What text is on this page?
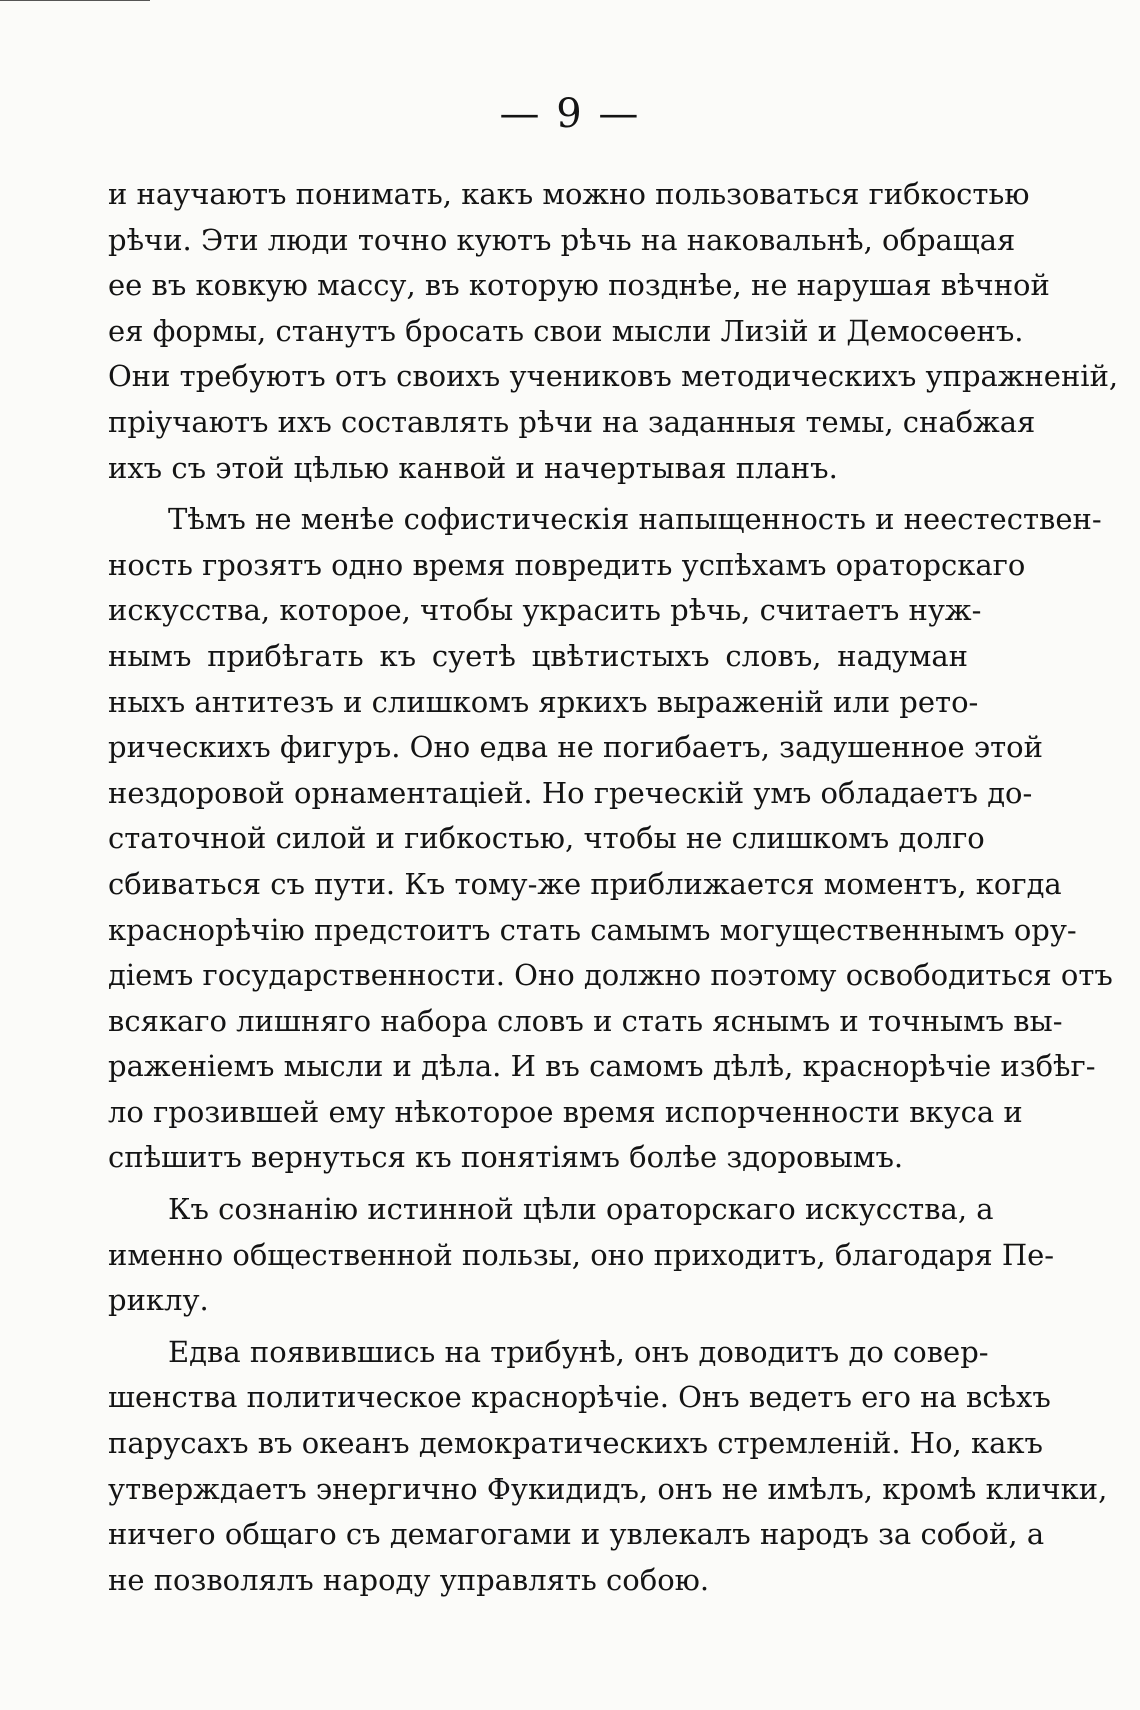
— 9 —
и научаютъ понимать, какъ можно пользоваться гибкостью
рѣчи. Эти люди точно куютъ рѣчь на наковальнѣ, обращая
ее въ ковкую массу, въ которую позднѣе, не нарушая вѣчной
ея формы, станутъ бросать свои мысли Лизій и Демосѳенъ.
Они требуютъ отъ своихъ учениковъ методическихъ упражненій,
пріучаютъ ихъ составлять рѣчи на заданныя темы, снабжая
ихъ съ этой цѣлью канвой и начертывая планъ.
Тѣмъ не менѣе софистическія напыщенность и неестествен-
ность грозятъ одно время повредить успѣхамъ ораторскаго
искусства, которое, чтобы украсить рѣчь, считаетъ нуж-
нымъ прибѣгать къ суетѣ цвѣтистыхъ словъ, надуман
ныхъ антитезъ и слишкомъ яркихъ выраженій или рето-
рическихъ фигуръ. Оно едва не погибаетъ, задушенное этой
нездоровой орнаментаціей. Но греческій умъ обладаетъ до-
статочной силой и гибкостью, чтобы не слишкомъ долго
сбиваться съ пути. Къ тому-же приближается моментъ, когда
краснорѣчію предстоитъ стать самымъ могущественнымъ ору-
діемъ государственности. Оно должно поэтому освободиться отъ
всякаго лишняго набора словъ и стать яснымъ и точнымъ вы-
раженіемъ мысли и дѣла. И въ самомъ дѣлѣ, краснорѣчіе избѣг-
ло грозившей ему нѣкоторое время испорченности вкуса и
спѣшитъ вернуться къ понятіямъ болѣе здоровымъ.
Къ сознанію истинной цѣли ораторскаго искусства, а
именно общественной пользы, оно приходитъ, благодаря Пе-
риклу.
Едва появившись на трибунѣ, онъ доводитъ до совер-
шенства политическое краснорѣчіе. Онъ ведетъ его на всѣхъ
парусахъ въ океанъ демократическихъ стремленій. Но, какъ
утверждаетъ энергично Фукидидъ, онъ не имѣлъ, кромѣ клички,
ничего общаго съ демагогами и увлекалъ народъ за собой, а
не позволялъ народу управлять собою.
